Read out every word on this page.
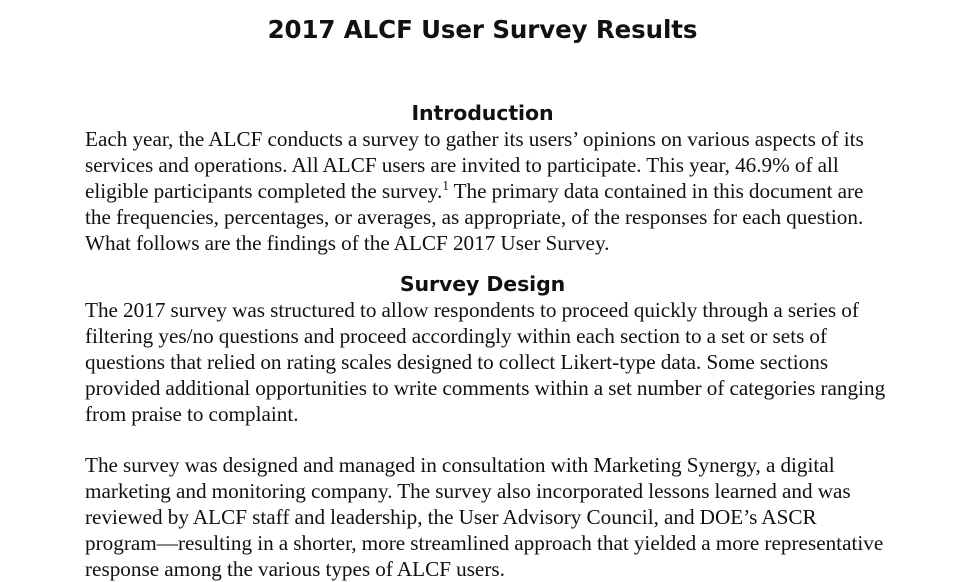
2017 ALCF User Survey Results
Introduction

Each year, the ALCF conducts a survey to gather its users’ opinions on various aspects of its services and operations. All ALCF users are invited to participate. This year, 46.9% of all eligible participants completed the survey.$^1$ The primary data contained in this document are the frequencies, percentages, or averages, as appropriate, of the responses for each question. What follows are the findings of the ALCF 2017 User Survey.

Survey Design

The 2017 survey was structured to allow respondents to proceed quickly through a series of filtering yes/no questions and proceed accordingly within each section to a set or sets of questions that relied on rating scales designed to collect Likert-type data. Some sections provided additional opportunities to write comments within a set number of categories ranging from praise to complaint.

The survey was designed and managed in consultation with Marketing Synergy, a digital marketing and monitoring company. The survey also incorporated lessons learned and was reviewed by ALCF staff and leadership, the User Advisory Council, and DOE’s ASCR program—resulting in a shorter, more streamlined approach that yielded a more representative response among the various types of ALCF users.
